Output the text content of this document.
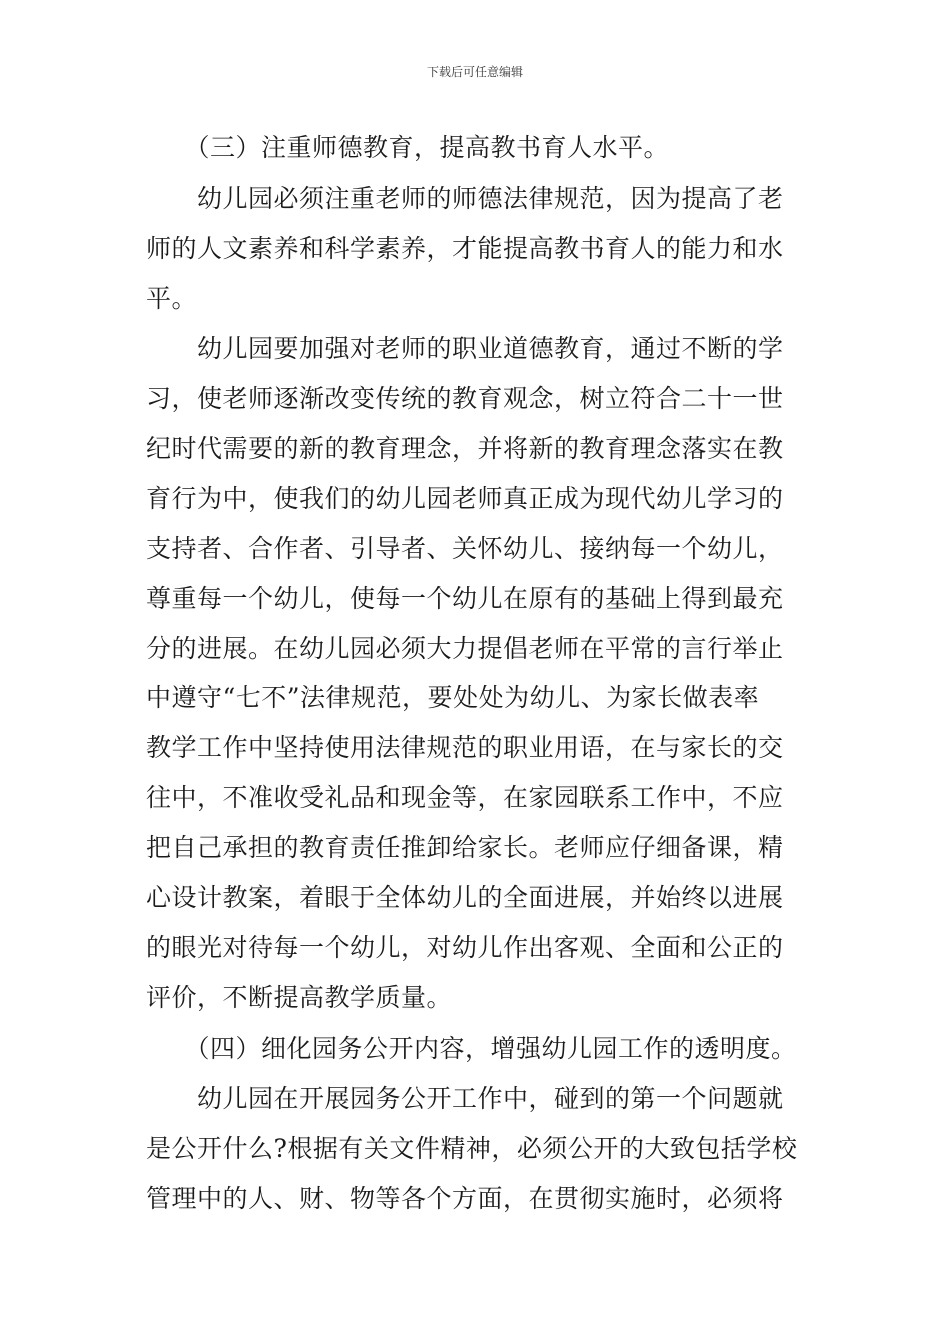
下载后可任意编辑
　　（三）注重师德教育，提高教书育人水平。
　　幼儿园必须注重老师的师德法律规范，因为提高了老
师的人文素养和科学素养，才能提高教书育人的能力和水
平。
　　幼儿园要加强对老师的职业道德教育，通过不断的学
习，使老师逐渐改变传统的教育观念，树立符合二十一世
纪时代需要的新的教育理念，并将新的教育理念落实在教
育行为中，使我们的幼儿园老师真正成为现代幼儿学习的
支持者、合作者、引导者、关怀幼儿、接纳每一个幼儿，
尊重每一个幼儿，使每一个幼儿在原有的基础上得到最充
分的进展。在幼儿园必须大力提倡老师在平常的言行举止
中遵守“七不”法律规范，要处处为幼儿、为家长做表率
教学工作中坚持使用法律规范的职业用语，在与家长的交
往中，不准收受礼品和现金等，在家园联系工作中，不应
把自己承担的教育责任推卸给家长。老师应仔细备课，精
心设计教案，着眼于全体幼儿的全面进展，并始终以进展
的眼光对待每一个幼儿，对幼儿作出客观、全面和公正的
评价，不断提高教学质量。
　　（四）细化园务公开内容，增强幼儿园工作的透明度。
　　幼儿园在开展园务公开工作中，碰到的第一个问题就
是公开什么?根据有关文件精神，必须公开的大致包括学校
管理中的人、财、物等各个方面，在贯彻实施时，必须将
